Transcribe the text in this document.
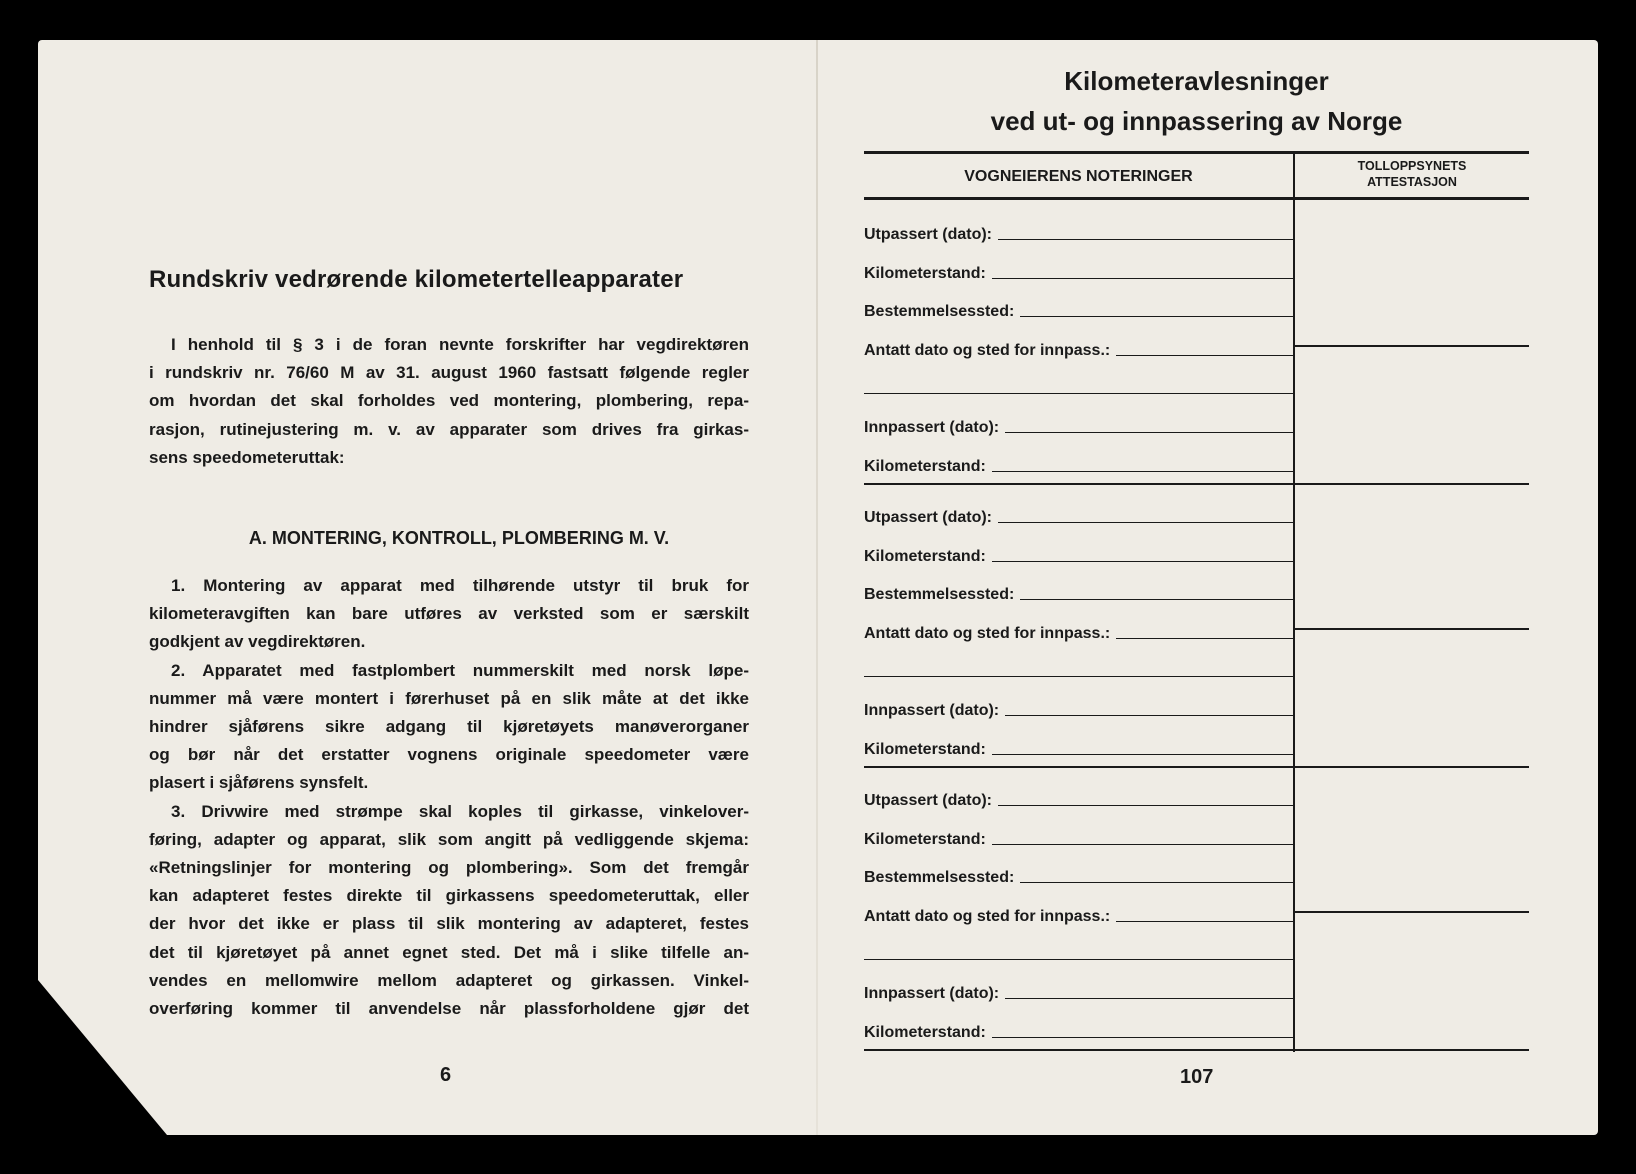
Rundskriv vedrørende kilometertelleapparater
I henhold til § 3 i de foran nevnte forskrifter har vegdirektøren
i rundskriv nr. 76/60 M av 31. august 1960 fastsatt følgende regler
om hvordan det skal forholdes ved montering, plombering, repa-
rasjon, rutinejustering m. v. av apparater som drives fra girkas-
sens speedometeruttak:
A. MONTERING, KONTROLL, PLOMBERING M. V.
1. Montering av apparat med tilhørende utstyr til bruk for
kilometeravgiften kan bare utføres av verksted som er særskilt
godkjent av vegdirektøren.
2. Apparatet med fastplombert nummerskilt med norsk løpe-
nummer må være montert i førerhuset på en slik måte at det ikke
hindrer sjåførens sikre adgang til kjøretøyets manøverorganer
og bør når det erstatter vognens originale speedometer være
plasert i sjåførens synsfelt.
3. Drivwire med strømpe skal koples til girkasse, vinkelover-
føring, adapter og apparat, slik som angitt på vedliggende skjema:
«Retningslinjer for montering og plombering». Som det fremgår
kan adapteret festes direkte til girkassens speedometeruttak, eller
der hvor det ikke er plass til slik montering av adapteret, festes
det til kjøretøyet på annet egnet sted. Det må i slike tilfelle an-
vendes en mellomwire mellom adapteret og girkassen. Vinkel-
overføring kommer til anvendelse når plassforholdene gjør det
6
Kilometeravlesninger
ved ut- og innpassering av Norge
VOGNEIERENS NOTERINGER
TOLLOPPSYNETS
ATTESTASJON
Utpassert (dato):
Kilometerstand:
Bestemmelsessted:
Antatt dato og sted for innpass.:
Innpassert (dato):
Kilometerstand:
Utpassert (dato):
Kilometerstand:
Bestemmelsessted:
Antatt dato og sted for innpass.:
Innpassert (dato):
Kilometerstand:
Utpassert (dato):
Kilometerstand:
Bestemmelsessted:
Antatt dato og sted for innpass.:
Innpassert (dato):
Kilometerstand:
107
